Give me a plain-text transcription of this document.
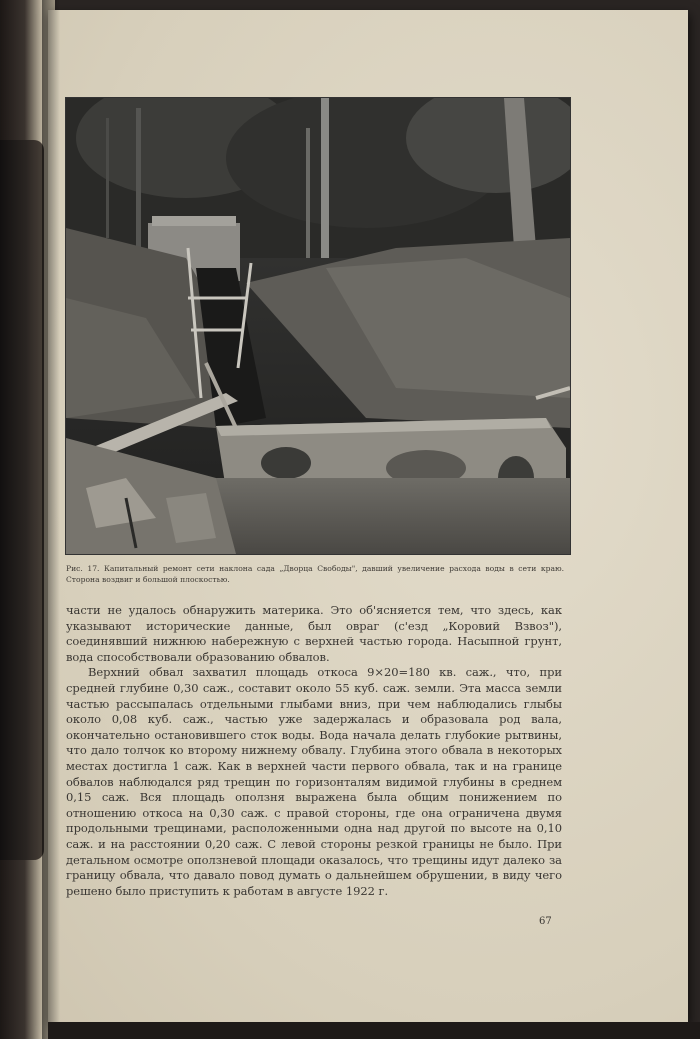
Рис. 17. Капитальный ремонт сети наклона сада „Дворца Свободы", давший увеличение расхода воды в сети краю. Сторона воздвиг и большой плоскостью.

части не удалось обнаружить материка. Это об'ясняется тем, что здесь, как указывают исторические данные, был овраг (с'езд „Коровий Взвоз"), соединявший нижнюю набережную с верхней частью города. Насыпной грунт, вода способствовали образованию обвалов.

Верхний обвал захватил площадь откоса 9×20=180 кв. саж., что, при средней глубине 0,30 саж., составит около 55 куб. саж. земли. Эта масса земли частью рассыпалась отдельными глыбами вниз, при чем наблюдались глыбы около 0,08 куб. саж., частью уже задержалась и образовала род вала, окончательно остановившего сток воды. Вода начала делать глубокие рытвины, что дало толчок ко второму нижнему обвалу. Глубина этого обвала в некоторых местах достигла 1 саж. Как в верхней части первого обвала, так и на границе обвалов наблюдался ряд трещин по горизонталям видимой глубины в среднем 0,15 саж. Вся площадь оползня выражена была общим понижением по отношению откоса на 0,30 саж. с правой стороны, где она ограничена двумя продольными трещинами, расположенными одна над другой по высоте на 0,10 саж. и на расстоянии 0,20 саж. С левой стороны резкой границы не было. При детальном осмотре оползневой площади оказалось, что трещины идут далеко за границу обвала, что давало повод думать о дальнейшем обрушении, в виду чего решено было приступить к работам в августе 1922 г.

67
